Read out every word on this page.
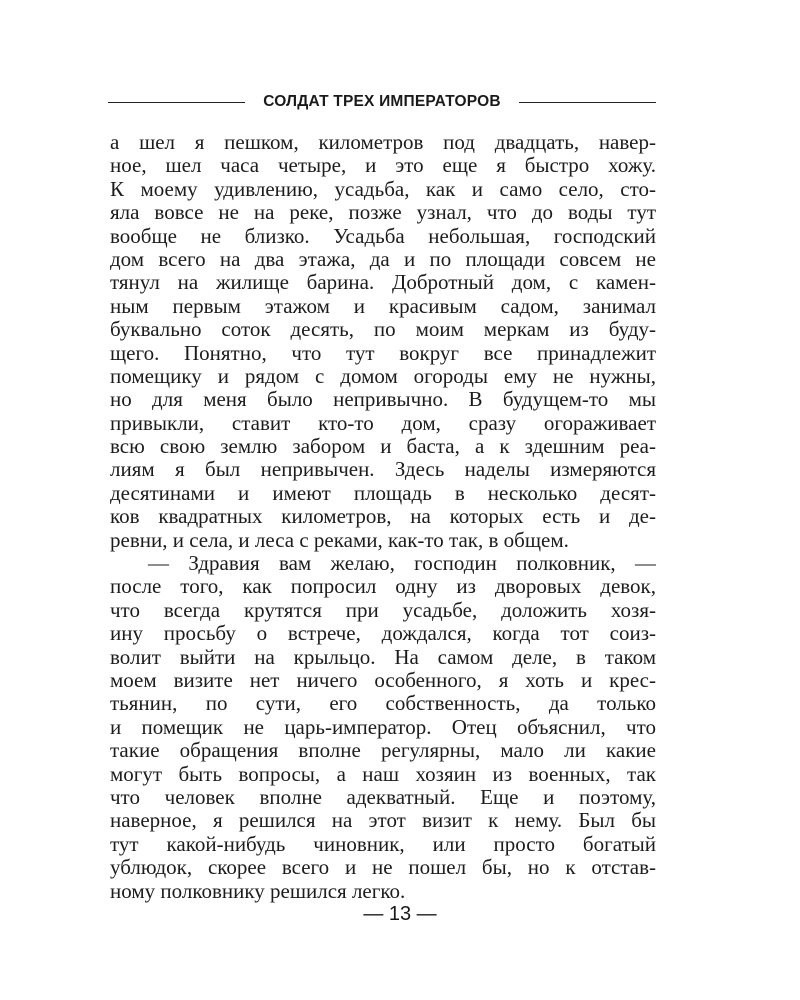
СОЛДАТ ТРЕХ ИМПЕРАТОРОВ
а шел я пешком, километров под двадцать, навер-
ное, шел часа четыре, и это еще я быстро хожу.
К моему удивлению, усадьба, как и само село, сто-
яла вовсе не на реке, позже узнал, что до воды тут
вообще не близко. Усадьба небольшая, господский
дом всего на два этажа, да и по площади совсем не
тянул на жилище барина. Добротный дом, с камен-
ным первым этажом и красивым садом, занимал
буквально соток десять, по моим меркам из буду-
щего. Понятно, что тут вокруг все принадлежит
помещику и рядом с домом огороды ему не нужны,
но для меня было непривычно. В будущем-то мы
привыкли, ставит кто-то дом, сразу огораживает
всю свою землю забором и баста, а к здешним реа-
лиям я был непривычен. Здесь наделы измеряются
десятинами и имеют площадь в несколько десят-
ков квадратных километров, на которых есть и де-
ревни, и села, и леса с реками, как-то так, в общем.
— Здравия вам желаю, господин полковник, —
после того, как попросил одну из дворовых девок,
что всегда крутятся при усадьбе, доложить хозя-
ину просьбу о встрече, дождался, когда тот соиз-
волит выйти на крыльцо. На самом деле, в таком
моем визите нет ничего особенного, я хоть и крес-
тьянин, по сути, его собственность, да только
и помещик не царь-император. Отец объяснил, что
такие обращения вполне регулярны, мало ли какие
могут быть вопросы, а наш хозяин из военных, так
что человек вполне адекватный. Еще и поэтому,
наверное, я решился на этот визит к нему. Был бы
тут какой-нибудь чиновник, или просто богатый
ублюдок, скорее всего и не пошел бы, но к отстав-
ному полковнику решился легко.
— 13 —
